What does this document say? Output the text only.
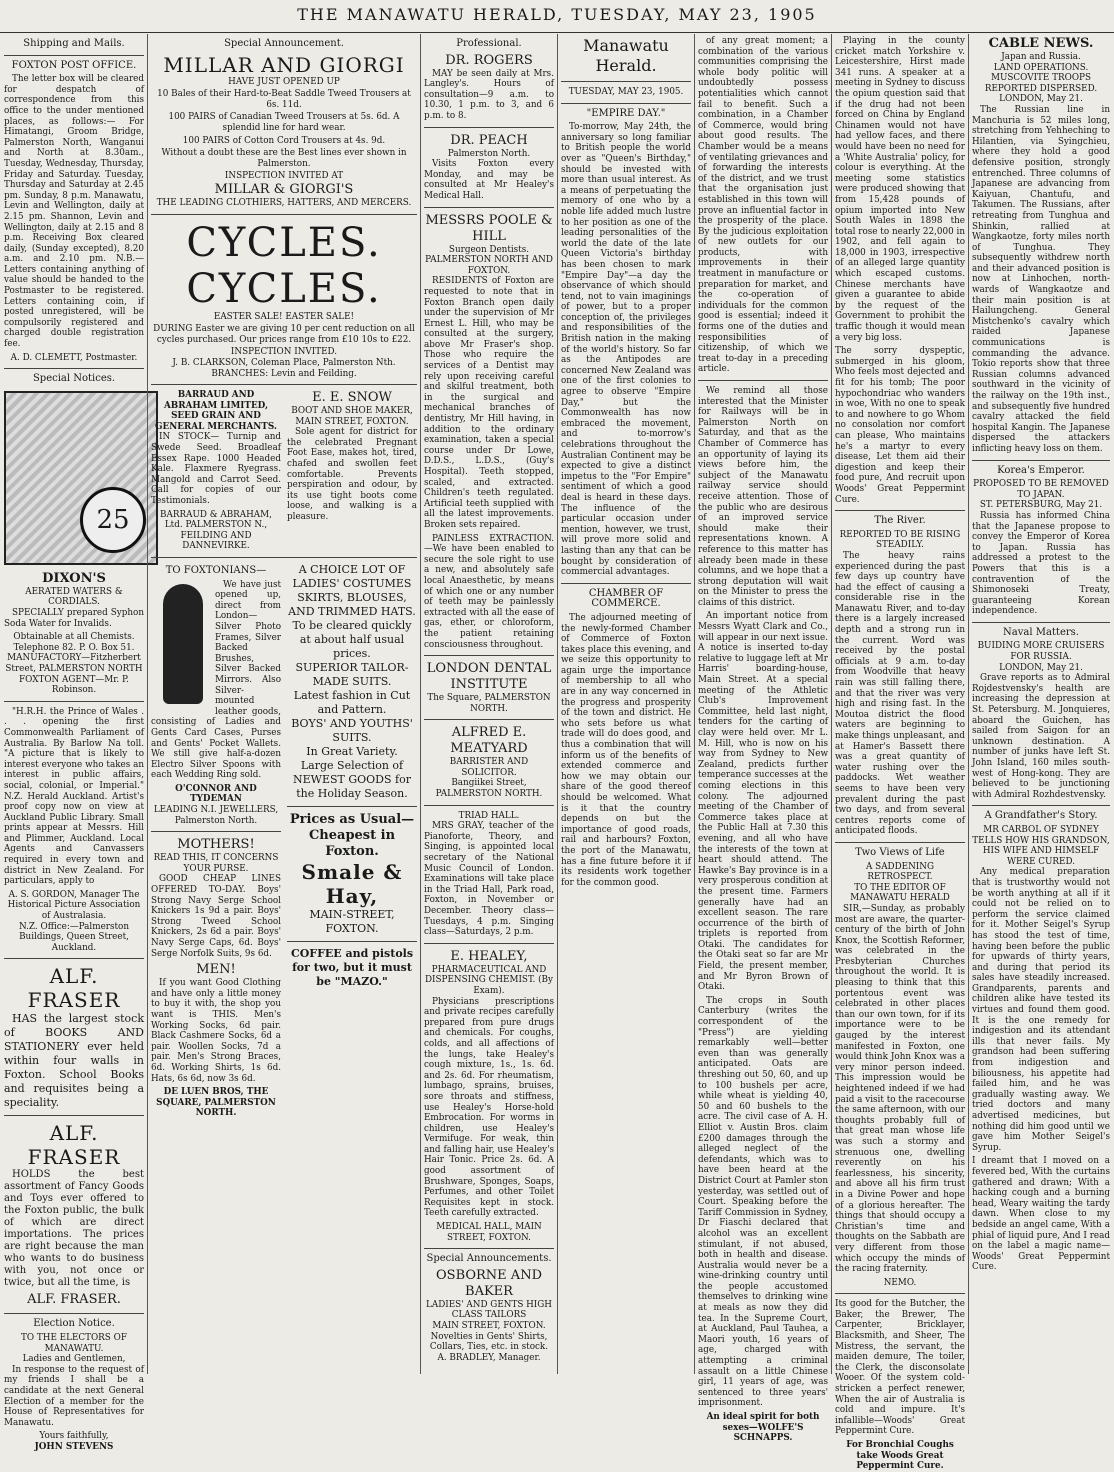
THE MANAWATU HERALD, TUESDAY, MAY 23, 1905
Shipping and Mails.
FOXTON POST OFFICE.

The letter box will be cleared for despatch of correspondence from this office to the under mentioned places, as follows:— For Himatangi, Groom Bridge, Palmerston North, Wanganui and North at 8.30am., Tuesday, Wednesday, Thursday, Friday and Saturday. Tuesday, Thursday and Saturday at 2.45 pm. Sunday, 8 p.m. Manawatu, Levin and Wellington, daily at 2.15 pm. Shannon, Levin and Wellington, daily at 2.15 and 8 p.m. Receiving Box cleared daily, (Sunday excepted), 8.20 a.m. and 2.10 pm. N.B.—Letters containing anything of value should be handed to the Postmaster to be registered. Letters containing coin, if posted unregistered, will be compulsorily registered and charged double registration fee.

A. D. CLEMETT, Postmaster.
Special Notices.
25
DIXON'S
AERATED WATERS & CORDIALS.

SPECIALLY prepared Syphon Soda Water for Invalids.

Obtainable at all Chemists.
Telephone 82. P. O. Box 51.
MANUFACTORY—Fitzherbert Street, PALMERSTON NORTH
FOXTON AGENT—Mr. P. Robinson.

"H.R.H. the Prince of Wales . . . opening the first Commonwealth Parliament of Australia. By Barlow Na toll. "A picture that is likely to interest everyone who takes an interest in public affairs, social, colonial, or Imperial." N.Z. Herald Auckland. Artist's proof copy now on view at Auckland Public Library. Small prints appear at Messrs. Hill and Plimmer, Auckland. Local Agents and Canvassers required in every town and district in New Zealand. For particulars, apply to

A. S. GORDON, Manager The Historical Picture Association of Australasia.
N.Z. Office:—Palmerston Buildings, Queen Street, Auckland.
ALF. FRASER

HAS the largest stock of BOOKS AND STATIONERY ever held within four walls in Foxton. School Books and requisites being a speciality.

ALF. FRASER

HOLDS the best assortment of Fancy Goods and Toys ever offered to the Foxton public, the bulk of which are direct importations. The prices are right because the man who wants to do business with you, not once or twice, but all the time, is

ALF. FRASER.
Election Notice.
TO THE ELECTORS OF MANAWATU.
Ladies and Gentlemen,

In response to the request of my friends I shall be a candidate at the next General Election of a member for the House of Representatives for Manawatu.

Yours faithfully,
JOHN STEVENS
Special Announcement.
MILLAR AND GIORGI
HAVE JUST OPENED UP
10 Bales of their Hard-to-Beat Saddle Tweed Trousers at 6s. 11d.
100 PAIRS of Canadian Tweed Trousers at 5s. 6d. A splendid line for hard wear.
100 PAIRS of Cotton Cord Trousers at 4s. 9d.
Without a doubt these are the Best lines ever shown in Palmerston.
INSPECTION INVITED AT
MILLAR & GIORGI'S
THE LEADING CLOTHIERS, HATTERS, AND MERCERS.
CYCLES. CYCLES.
EASTER SALE! EASTER SALE!
DURING Easter we are giving 10 per cent reduction on all cycles purchased. Our prices range from £10 10s to £22.
INSPECTION INVITED.
J. B. CLARKSON, Coleman Place, Palmerston Nth.
BRANCHES: Levin and Feilding.
BARRAUD AND ABRAHAM LIMITED, SEED GRAIN AND GENERAL MERCHANTS.

IN STOCK— Turnip and Swede Seed. Broadleaf Essex Rape. 1000 Headed Kale. Flaxmere Ryegrass. Mangold and Carrot Seed. Call for copies of our Testimonials.

BARRAUD & ABRAHAM, Ltd. PALMERSTON N., FEILDING AND DANNEVIRKE.
E. E. SNOW
BOOT AND SHOE MAKER, MAIN STREET, FOXTON.

Sole agent for district for the celebrated Pregnant Foot Ease, makes hot, tired, chafed and swollen feet comfortable. Prevents perspiration and odour, by its use tight boots come loose, and walking is a pleasure.

TO FOXTONIANS—

We have just opened up, direct from London— Silver Photo Frames, Silver Backed Brushes, Silver Backed Mirrors. Also Silver-mounted leather goods, consisting of Ladies and Gents Card Cases, Purses and Gents' Pocket Wallets. We still give half-a-dozen Electro Silver Spoons with each Wedding Ring sold.

O'CONNOR AND TYDEMAN
LEADING N.I. JEWELLERS, Palmerston North.
MOTHERS!
READ THIS, IT CONCERNS YOUR PURSE.

GOOD CHEAP LINES OFFERED TO-DAY. Boys' Strong Navy Serge School Knickers 1s 9d a pair. Boys' Strong Tweed School Knickers, 2s 6d a pair. Boys' Navy Serge Caps, 6d. Boys' Serge Norfolk Suits, 9s 6d.

MEN!

If you want Good Clothing and have only a little money to buy it with, the shop you want is THIS. Men's Working Socks, 6d pair. Black Cashmere Socks, 6d a pair. Woollen Socks, 7d a pair. Men's Strong Braces, 6d. Working Shirts, 1s 6d. Hats, 6s 6d, now 3s 6d.

DE LUEN BROS, THE SQUARE, PALMERSTON NORTH.
A CHOICE LOT OF LADIES' COSTUMES SKIRTS, BLOUSES, AND TRIMMED HATS.
To be cleared quickly at about half usual prices.
SUPERIOR TAILOR-MADE SUITS.
Latest fashion in Cut and Pattern.
BOYS' AND YOUTHS' SUITS.
In Great Variety.
Large Selection of NEWEST GOODS for the Holiday Season.
Prices as Usual— Cheapest in Foxton.
Smale & Hay,
MAIN-STREET, FOXTON.
COFFEE and pistols for two, but it must be "MAZO."
Professional.
DR. ROGERS

MAY be seen daily at Mrs. Langley's. Hours of consultation—9 a.m. to 10.30, 1 p.m. to 3, and 6 p.m. to 8.

DR. PEACH
Palmerston North.

Visits Foxton every Monday, and may be consulted at Mr Healey's Medical Hall.

MESSRS POOLE & HILL
Surgeon Dentists.
PALMERSTON NORTH AND FOXTON.

RESIDENTS of Foxton are requested to note that in Foxton Branch open daily under the supervision of Mr Ernest L. Hill, who may be consulted at the surgery, above Mr Fraser's shop. Those who require the services of a Dentist may rely upon receiving careful and skilful treatment, both in the surgical and mechanical branches of dentistry, Mr Hill having, in addition to the ordinary examination, taken a special course under Dr Lowe, D.D.S., L.D.S., (Guy's Hospital). Teeth stopped, scaled, and extracted. Children's teeth regulated. Artificial teeth supplied with all the latest improvements. Broken sets repaired.

PAINLESS EXTRACTION.—We have been enabled to secure the sole right to use a new, and absolutely safe local Anaesthetic, by means of which one or any number of teeth may be painlessly extracted with all the ease of gas, ether, or chloroform, the patient retaining consciousness throughout.

LONDON DENTAL INSTITUTE
The Square, PALMERSTON NORTH.
ALFRED E. MEATYARD
BARRISTER AND SOLICITOR.
Bangiikei Street, PALMERSTON NORTH.
TRIAD HALL.

MRS GRAY, teacher of the Pianoforte, Theory, and Singing, is appointed local secretary of the National Music Council of London. Examinations will take place in the Triad Hall, Park road, Foxton, in November or December. Theory class—Tuesdays, 4 p.m. Singing class—Saturdays, 2 p.m.

E. HEALEY,
PHARMACEUTICAL AND DISPENSING CHEMIST. (By Exam).

Physicians prescriptions and private recipes carefully prepared from pure drugs and chemicals. For coughs, colds, and all affections of the lungs, take Healey's cough mixture, 1s., 1s. 6d. and 2s. 6d. For rheumatism, lumbago, sprains, bruises, sore throats and stiffness, use Healey's Horse-hold Embrocation. For worms in children, use Healey's Vermifuge. For weak, thin and falling hair, use Healey's Hair Tonic. Price 2s. 6d. A good assortment of Brushware, Sponges, Soaps, Perfumes, and other Toilet Requisites kept in stock. Teeth carefully extracted.

MEDICAL HALL, MAIN STREET, FOXTON.
Special Announcements.
OSBORNE AND BAKER
LADIES' AND GENTS HIGH CLASS TAILORS
MAIN STREET, FOXTON.
Novelties in Gents' Shirts, Collars, Ties, etc. in stock.
A. BRADLEY, Manager.
Manawatu Herald.
TUESDAY, MAY 23, 1905.
"EMPIRE DAY."

To-morrow, May 24th, the anniversary so long familiar to British people the world over as "Queen's Birthday," should be invested with more than usual interest. As a means of perpetuating the memory of one who by a noble life added much lustre to her position as one of the leading personalities of the world the date of the late Queen Victoria's birthday has been chosen to mark "Empire Day"—a day the observance of which should tend, not to vain imaginings of power, but to a proper conception of, the privileges and responsibilities of the British nation in the making of the world's history. So far as the Antipodes are concerned New Zealand was one of the first colonies to agree to observe "Empire Day," but the Commonwealth has now embraced the movement, and to-morrow's celebrations throughout the Australian Continent may be expected to give a distinct impetus to the "For Empire" sentiment of which a good deal is heard in these days. The influence of the particular occasion under mention, however, we trust, will prove more solid and lasting than any that can be bought by consideration of commercial advantages.

CHAMBER OF COMMERCE.

The adjourned meeting of the newly-formed Chamber of Commerce of Foxton takes place this evening, and we seize this opportunity to again urge the importance of membership to all who are in any way concerned in the progress and prosperity of the town and district. He who sets before us what trade will do does good, and thus a combination that will inform us of the benefits of extended commerce and how we may obtain our share of the good thereof should be welcomed. What is it that the country depends on but the importance of good roads, rail and harbours? Foxton, the port of the Manawatu, has a fine future before it if its residents work together for the common good.

of any great moment; a combination of the various communities comprising the whole body politic will undoubtedly possess potentialities which cannot fail to benefit. Such a combination, in a Chamber of Commerce, would bring about good results. The Chamber would be a means of ventilating grievances and of forwarding the interests of the district, and we trust that the organisation just established in this town will prove an influential factor in the prosperity of the place. By the judicious exploitation of new outlets for our products, with improvements in their treatment in manufacture or preparation for market, and the co-operation of individuals for the common good is essential; indeed it forms one of the duties and responsibilities of citizenship, of which we treat to-day in a preceding article.

We remind all those interested that the Minister for Railways will be in Palmerston North on Saturday, and that as the Chamber of Commerce has an opportunity of laying its views before him, the subject of the Manawatu railway service should receive attention. Those of the public who are desirous of an improved service should make their representations known. A reference to this matter has already been made in these columns, and we hope that a strong deputation will wait on the Minister to press the claims of this district.

An important notice from Messrs Wyatt Clark and Co., will appear in our next issue. A notice is inserted to-day relative to luggage left at Mr Harris' boarding-house, Main Street. At a special meeting of the Athletic Club's Improvement Committee, held last night, tenders for the carting of clay were held over. Mr L. M. Hill, who is now on his way from Sydney to New Zealand, predicts further temperance successes at the coming elections in this colony. The adjourned meeting of the Chamber of Commerce takes place at the Public Hall at 7.30 this evening, and all who have the interests of the town at heart should attend. The Hawke's Bay province is in a very prosperous condition at the present time. Farmers generally have had an excellent season. The rare occurrence of the birth of triplets is reported from Otaki. The candidates for the Otaki seat so far are Mr Field, the present member, and Mr Byron Brown of Otaki.

The crops in South Canterbury (writes the correspondent of the "Press") are yielding remarkably well—better even than was generally anticipated. Oats are threshing out 50, 60, and up to 100 bushels per acre, while wheat is yielding 40, 50 and 60 bushels to the acre. The civil case of A. H. Elliot v. Austin Bros. claim £200 damages through the alleged neglect of the defendants, which was to have been heard at the District Court at Pamler ston yesterday, was settled out of Court. Speaking before the Tariff Commission in Sydney, Dr Fiaschi declared that alcohol was an excellent stimulant, if not abused, both in health and disease. Australia would never be a wine-drinking country until the people accustomed themselves to drinking wine at meals as now they did tea. In the Supreme Court, at Auckland, Paul Tauhea, a Maori youth, 16 years of age, charged with attempting a criminal assault on a little Chinese girl, 11 years of age, was sentenced to three years' imprisonment.

An ideal spirit for both sexes—WOLFE'S SCHNAPPS.

Playing in the county cricket match Yorkshire v. Leicestershire, Hirst made 341 runs. A speaker at a meeting in Sydney to discuss the opium question said that if the drug had not been forced on China by England Chinamen would not have had yellow faces, and there would have been no need for a 'White Australia' policy, for colour is everything. At the meeting some statistics were produced showing that from 15,428 pounds of opium imported into New South Wales in 1898 the total rose to nearly 22,000 in 1902, and fell again to 18,000 in 1903, irrespective of an alleged large quantity which escaped customs. Chinese merchants have given a guarantee to abide by the request of the Government to prohibit the traffic though it would mean a very big loss.

The sorry dyspeptic, submerged in his gloom, Who feels most dejected and fit for his tomb; The poor hypochondriac who wanders in woe, With no one to speak to and nowhere to go Whom no consolation nor comfort can please, Who maintains he's a martyr to every disease, Let them aid their digestion and keep their food pure, And recruit upon Woods' Great Peppermint Cure.

The River.
REPORTED TO BE RISING STEADILY.

The heavy rains experienced during the past few days up country have had the effect of causing a considerable rise in the Manawatu River, and to-day there is a largely increased depth and a strong run in the current. Word was received by the postal officials at 9 a.m. to-day from Woodville that heavy rain was still falling there, and that the river was very high and rising fast. In the Moutoa district the flood waters are beginning to make things unpleasant, and at Hamer's Bassett there was a great quantity of water rushing over the paddocks. Wet weather seems to have been very prevalent during the past two days, and from several centres reports come of anticipated floods.

Two Views of Life
A SADDENING RETROSPECT.
TO THE EDITOR OF MANAWATU HERALD

SIR,—Sunday, as probably most are aware, the quarter-century of the birth of John Knox, the Scottish Reformer, was celebrated in the Presbyterian Churches throughout the world. It is pleasing to think that this portentous event was celebrated in other places than our own town, for if its importance were to be gauged by the interest manifested in Foxton, one would think John Knox was a very minor person indeed. This impression would be heightened indeed if we had paid a visit to the racecourse the same afternoon, with our thoughts probably full of that great man whose life was such a stormy and strenuous one, dwelling reverently on his fearlessness, his sincerity, and above all his firm trust in a Divine Power and hope of a glorious hereafter. The things that should occupy a Christian's time and thoughts on the Sabbath are very different from those which occupy the minds of the racing fraternity.

NEMO.

Its good for the Butcher, the Baker, the Brewer, The Carpenter, Bricklayer, Blacksmith, and Sheer, The Mistress, the servant, the maiden demure, The toiler, the Clerk, the disconsolate Wooer. Of the system cold-stricken a perfect renewer, When the air of Australia is cold and impure. It's infallible—Woods' Great Peppermint Cure.

For Bronchial Coughs take Woods Great Peppermint Cure.
CABLE NEWS.
Japan and Russia.
LAND OPERATIONS.
MUSCOVITE TROOPS REPORTED DISPERSED.
LONDON, May 21.

The Russian line in Manchuria is 52 miles long, stretching from Yehheching to Hilantien, via Syingchieu, where they hold a good defensive position, strongly entrenched. Three columns of Japanese are advancing from Kaiyuan, Chantufu, and Takumen. The Russians, after retreating from Tunghua and Shinkin, rallied at Wangkaotze, forty miles north of Tunghua. They subsequently withdrew north and their advanced position is now at Linhochen, north-wards of Wangkaotze and their main position is at Hailungcheng. General Mistchenko's cavalry which raided Japanese communications is commanding the advance. Tokio reports show that three Russian columns advanced southward in the vicinity of the railway on the 19th inst., and subsequently five hundred cavalry attacked the field hospital Kangin. The Japanese dispersed the attackers inflicting heavy loss on them.

Korea's Emperor.
PROPOSED TO BE REMOVED TO JAPAN.
ST. PETERSBURG, May 21.

Russia has informed China that the Japanese propose to convey the Emperor of Korea to Japan. Russia has addressed a protest to the Powers that this is a contravention of the Shimonoseki Treaty, guaranteeing Korean independence.

Naval Matters.
BUIDING MORE CRUISERS FOR RUSSIA.
LONDON, May 21.

Grave reports as to Admiral Rojdestvensky's health are increasing the depression at St. Petersburg. M. Jonquieres, aboard the Guichen, has sailed from Saigon for an unknown destination. A number of junks have left St. John Island, 160 miles south-west of Hong-kong. They are believed to be junctioning with Admiral Rozhdestvensky.

A Grandfather's Story.
MR CARBOL OF SYDNEY TELLS HOW HIS GRANDSON, HIS WIFE AND HIMSELF WERE CURED.

Any medical preparation that is trustworthy would not be worth anything at all if it could not be relied on to perform the service claimed for it. Mother Seigel's Syrup has stood the test of time, having been before the public for upwards of thirty years, and during that period its sales have steadily increased. Grandparents, parents and children alike have tested its virtues and found them good. It is the one remedy for indigestion and its attendant ills that never fails. My grandson had been suffering from indigestion and biliousness, his appetite had failed him, and he was gradually wasting away. We tried doctors and many advertised medicines, but nothing did him good until we gave him Mother Seigel's Syrup.

I dreamt that I moved on a fevered bed, With the curtains gathered and drawn; With a hacking cough and a burning head, Weary waiting the tardy dawn. When close to my bedside an angel came, With a phial of liquid pure, And I read on the label a magic name— Woods' Great Peppermint Cure.
